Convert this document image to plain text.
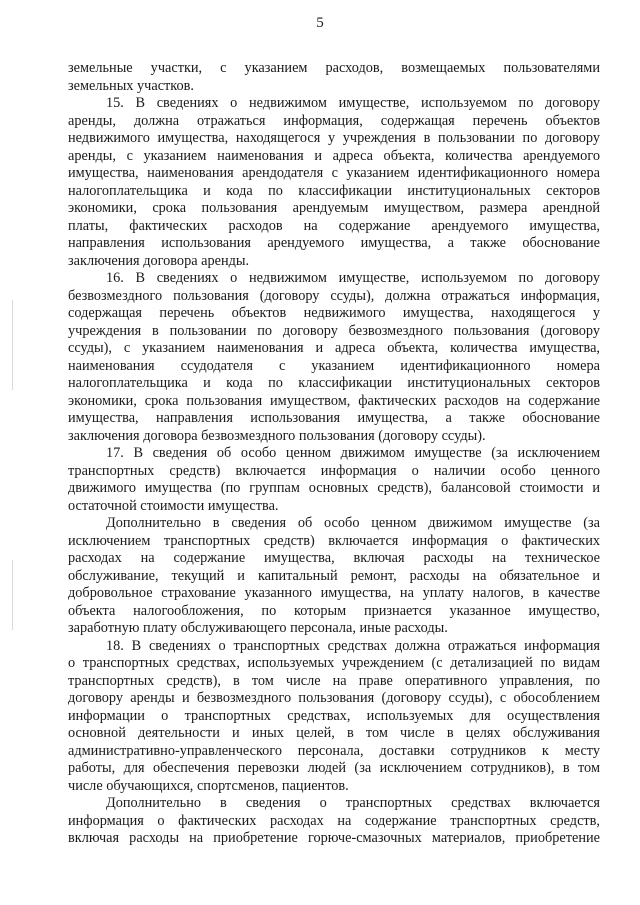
5

земельные участки, с указанием расходов, возмещаемых пользователями

земельных участков.

15. В сведениях о недвижимом имуществе, используемом по договору

аренды, должна отражаться информация, содержащая перечень объектов

недвижимого имущества, находящегося у учреждения в пользовании по договору

аренды, с указанием наименования и адреса объекта, количества арендуемого

имущества, наименования арендодателя с указанием идентификационного номера

налогоплательщика и кода по классификации институциональных секторов

экономики, срока пользования арендуемым имуществом, размера арендной

платы, фактических расходов на содержание арендуемого имущества,

направления использования арендуемого имущества, а также обоснование

заключения договора аренды.

16. В сведениях о недвижимом имуществе, используемом по договору

безвозмездного пользования (договору ссуды), должна отражаться информация,

содержащая перечень объектов недвижимого имущества, находящегося у

учреждения в пользовании по договору безвозмездного пользования (договору

ссуды), с указанием наименования и адреса объекта, количества имущества,

наименования ссудодателя с указанием идентификационного номера

налогоплательщика и кода по классификации институциональных секторов

экономики, срока пользования имуществом, фактических расходов на содержание

имущества, направления использования имущества, а также обоснование

заключения договора безвозмездного пользования (договору ссуды).

17. В сведения об особо ценном движимом имуществе (за исключением

транспортных средств) включается информация о наличии особо ценного

движимого имущества (по группам основных средств), балансовой стоимости и

остаточной стоимости имущества.

Дополнительно в сведения об особо ценном движимом имуществе (за

исключением транспортных средств) включается информация о фактических

расходах на содержание имущества, включая расходы на техническое

обслуживание, текущий и капитальный ремонт, расходы на обязательное и

добровольное страхование указанного имущества, на уплату налогов, в качестве

объекта налогообложения, по которым признается указанное имущество,

заработную плату обслуживающего персонала, иные расходы.

18. В сведениях о транспортных средствах должна отражаться информация

о транспортных средствах, используемых учреждением (с детализацией по видам

транспортных средств), в том числе на праве оперативного управления, по

договору аренды и безвозмездного пользования (договору ссуды), с обособлением

информации о транспортных средствах, используемых для осуществления

основной деятельности и иных целей, в том числе в целях обслуживания

административно-управленческого персонала, доставки сотрудников к месту

работы, для обеспечения перевозки людей (за исключением сотрудников), в том

числе обучающихся, спортсменов, пациентов.

Дополнительно в сведения о транспортных средствах включается

информация о фактических расходах на содержание транспортных средств,

включая расходы на приобретение горюче-смазочных материалов, приобретение
